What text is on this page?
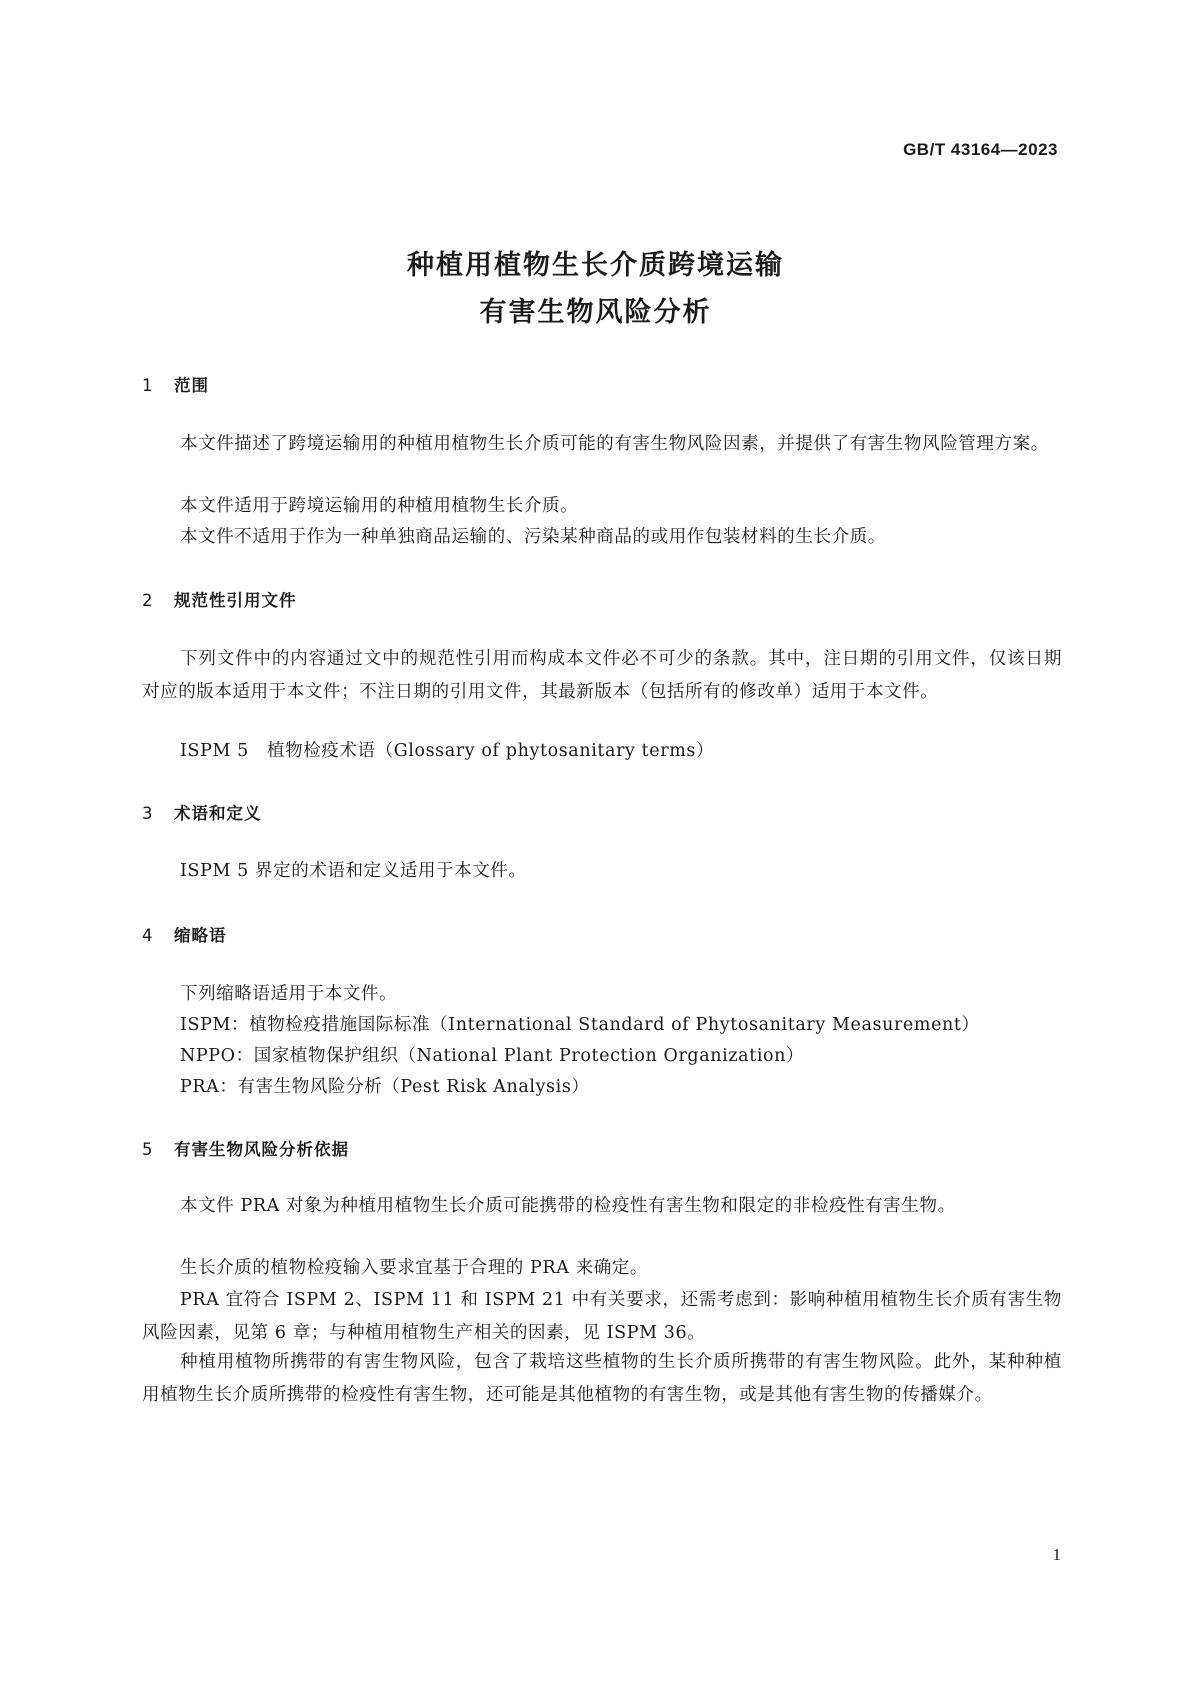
GB/T 43164—2023
种植用植物生长介质跨境运输
有害生物风险分析
1 范围
本文件描述了跨境运输用的种植用植物生长介质可能的有害生物风险因素，并提供了有害生物风险管理方案。
本文件适用于跨境运输用的种植用植物生长介质。
本文件不适用于作为一种单独商品运输的、污染某种商品的或用作包装材料的生长介质。
2 规范性引用文件
下列文件中的内容通过文中的规范性引用而构成本文件必不可少的条款。其中，注日期的引用文件，仅该日期对应的版本适用于本文件；不注日期的引用文件，其最新版本（包括所有的修改单）适用于本文件。
ISPM 5　植物检疫术语（Glossary of phytosanitary terms）
3 术语和定义
ISPM 5 界定的术语和定义适用于本文件。
4 缩略语
下列缩略语适用于本文件。
ISPM：植物检疫措施国际标准（International Standard of Phytosanitary Measurement）
NPPO：国家植物保护组织（National Plant Protection Organization）
PRA：有害生物风险分析（Pest Risk Analysis）
5 有害生物风险分析依据
本文件 PRA 对象为种植用植物生长介质可能携带的检疫性有害生物和限定的非检疫性有害生物。
生长介质的植物检疫输入要求宜基于合理的 PRA 来确定。
PRA 宜符合 ISPM 2、ISPM 11 和 ISPM 21 中有关要求，还需考虑到：影响种植用植物生长介质有害生物风险因素，见第 6 章；与种植用植物生产相关的因素，见 ISPM 36。
种植用植物所携带的有害生物风险，包含了栽培这些植物的生长介质所携带的有害生物风险。此外，某种种植用植物生长介质所携带的检疫性有害生物，还可能是其他植物的有害生物，或是其他有害生物的传播媒介。
1
